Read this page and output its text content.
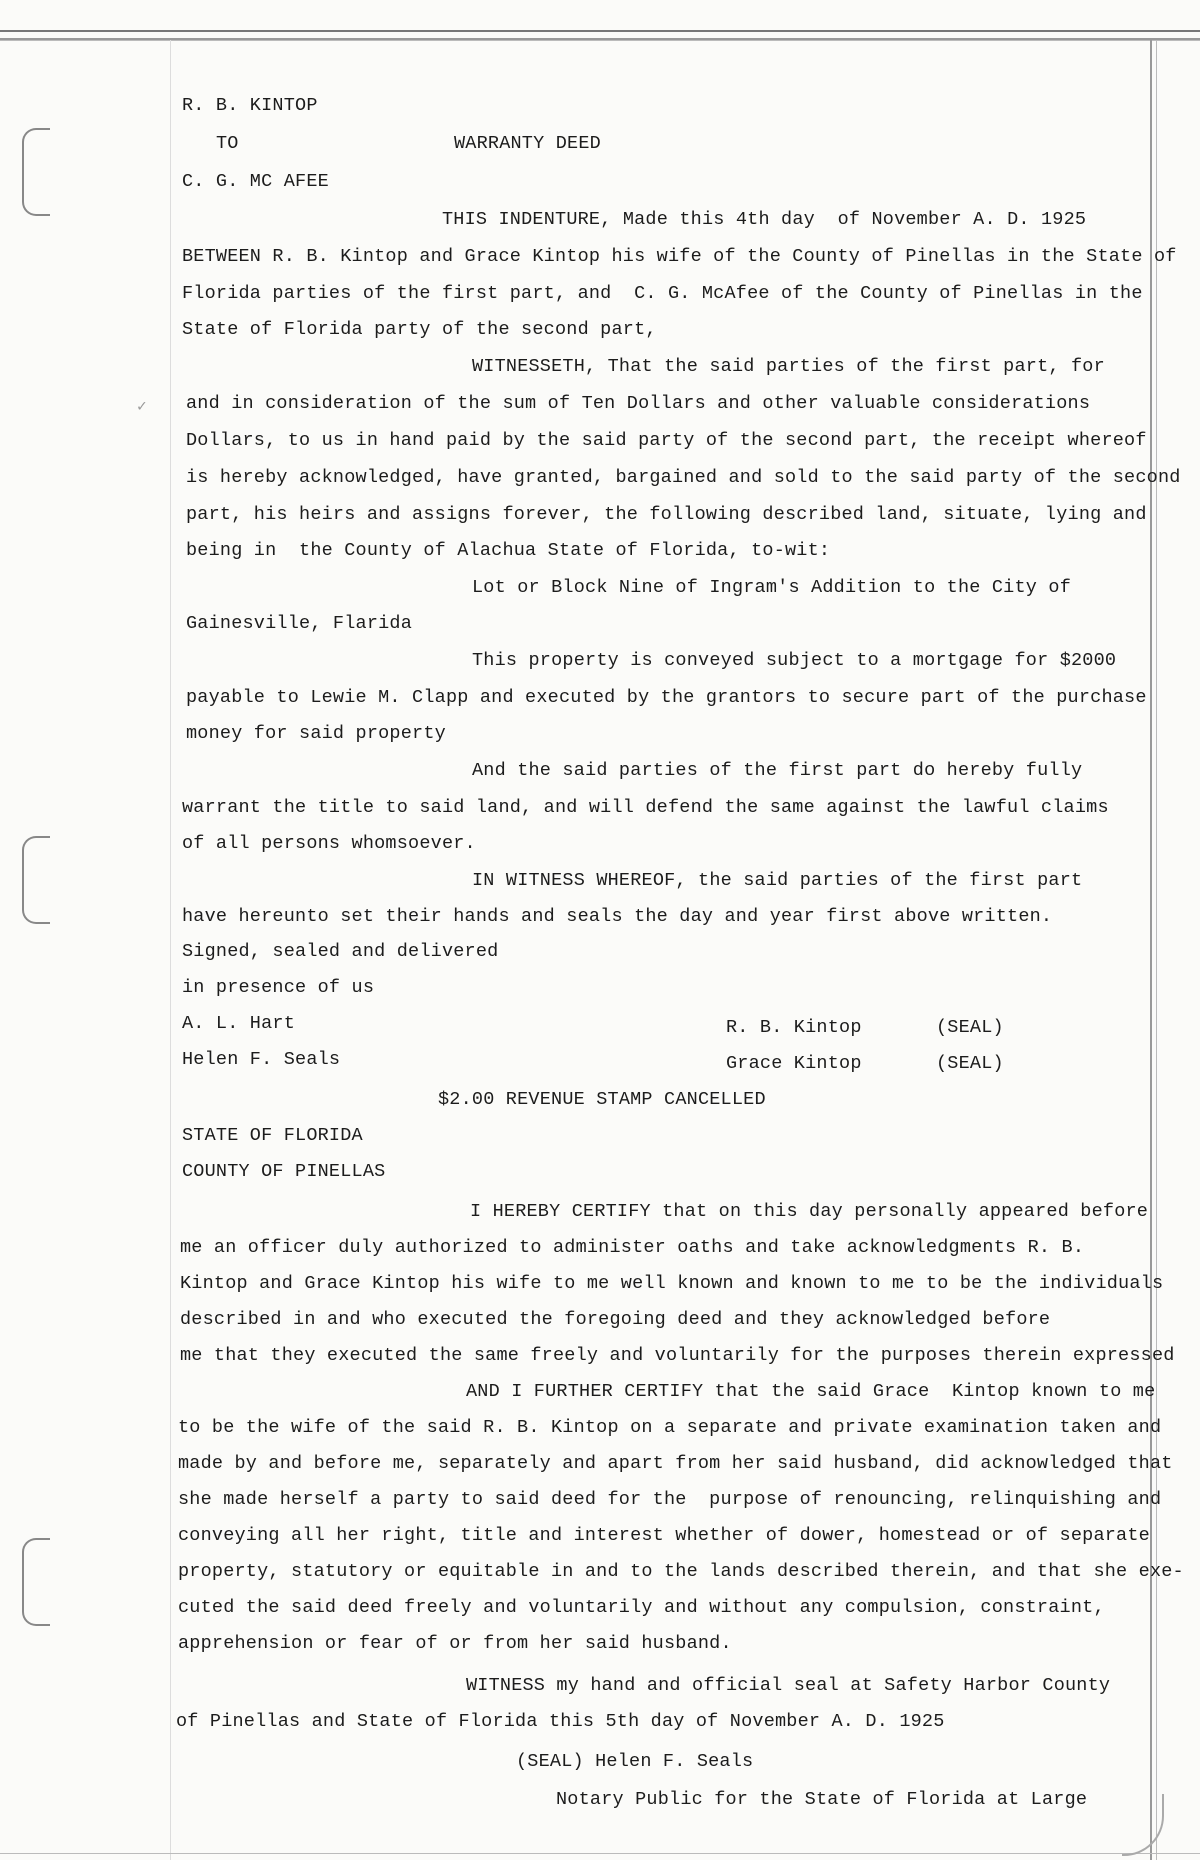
✓
R. B. KINTOP
TO	WARRANTY DEED
C. G. MC AFEE
THIS INDENTURE, Made this 4th day  of November A. D. 1925
BETWEEN R. B. Kintop and Grace Kintop his wife of the County of Pinellas in the State of
Florida parties of the first part, and  C. G. McAfee of the County of Pinellas in the
State of Florida party of the second part,
WITNESSETH, That the said parties of the first part, for
and in consideration of the sum of Ten Dollars and other valuable considerations
Dollars, to us in hand paid by the said party of the second part, the receipt whereof
is hereby acknowledged, have granted, bargained and sold to the said party of the second
part, his heirs and assigns forever, the following described land, situate, lying and
being in  the County of Alachua State of Florida, to-wit:
Lot or Block Nine of Ingram's Addition to the City of
Gainesville, Flarida
This property is conveyed subject to a mortgage for $2000
payable to Lewie M. Clapp and executed by the grantors to secure part of the purchase
money for said property
And the said parties of the first part do hereby fully
warrant the title to said land, and will defend the same against the lawful claims
of all persons whomsoever.
IN WITNESS WHEREOF, the said parties of the first part
have hereunto set their hands and seals the day and year first above written.
Signed, sealed and delivered
in presence of us
A. L. Hart	R. B. Kintop	(SEAL)
Helen F. Seals	Grace Kintop	(SEAL)
$2.00 REVENUE STAMP CANCELLED
STATE OF FLORIDA
COUNTY OF PINELLAS
I HEREBY CERTIFY that on this day personally appeared before
me an officer duly authorized to administer oaths and take acknowledgments R. B.
Kintop and Grace Kintop his wife to me well known and known to me to be the individuals
described in and who executed the foregoing deed and they acknowledged before
me that they executed the same freely and voluntarily for the purposes therein expressed
AND I FURTHER CERTIFY that the said Grace  Kintop known to me
to be the wife of the said R. B. Kintop on a separate and private examination taken and
made by and before me, separately and apart from her said husband, did acknowledged that
she made herself a party to said deed for the  purpose of renouncing, relinquishing and
conveying all her right, title and interest whether of dower, homestead or of separate
property, statutory or equitable in and to the lands described therein, and that she exe-
cuted the said deed freely and voluntarily and without any compulsion, constraint,
apprehension or fear of or from her said husband.
WITNESS my hand and official seal at Safety Harbor County
of Pinellas and State of Florida this 5th day of November A. D. 1925
(SEAL) Helen F. Seals
Notary Public for the State of Florida at Large
